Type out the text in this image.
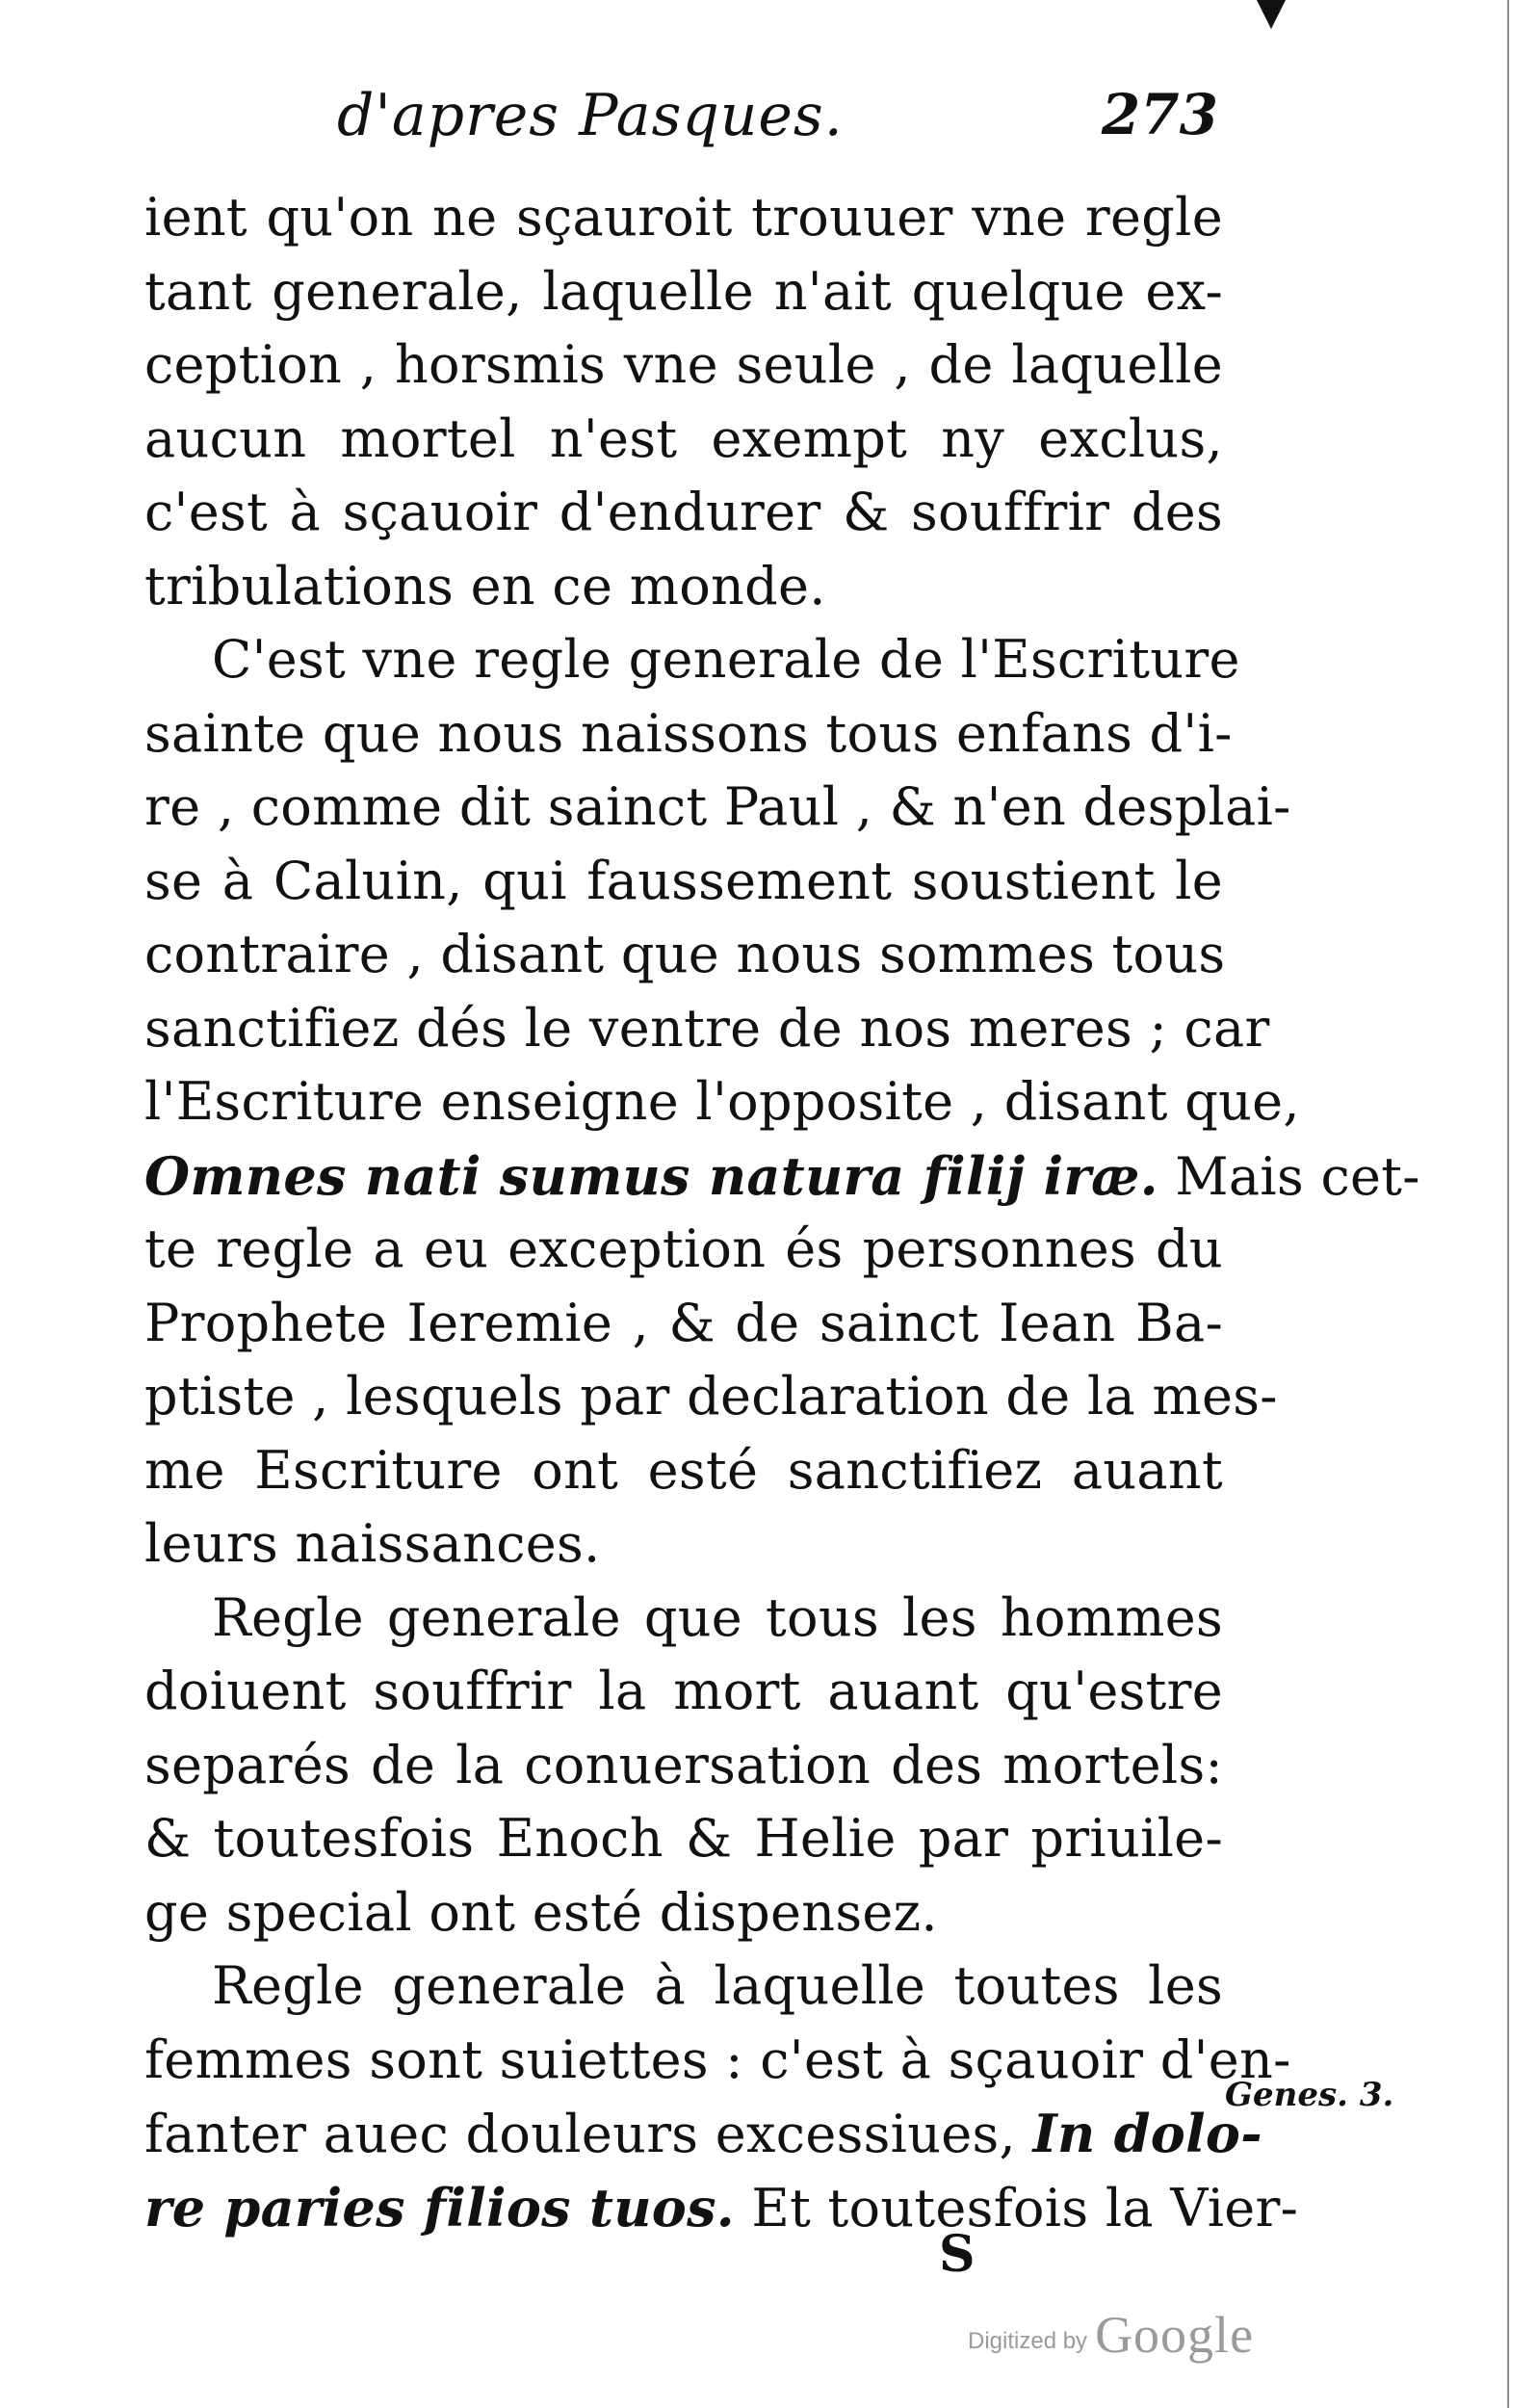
d'apres Pasques.	273
ient qu'on ne sçauroit trouuer vne regle
tant generale, laquelle n'ait quelque ex-
ception , horsmis vne seule , de laquelle
aucun mortel n'est exempt ny exclus,
c'est à sçauoir d'endurer & souffrir des
tribulations en ce monde.
C'est vne regle generale de l'Escriture
sainte que nous naissons tous enfans d'i-
re , comme dit sainct Paul , & n'en desplai-
se à Caluin, qui faussement soustient le
contraire , disant que nous sommes tous
sanctifiez dés le ventre de nos meres ; car
l'Escriture enseigne l'opposite , disant que,
Omnes nati sumus natura filij iræ. Mais cet-
te regle a eu exception és personnes du
Prophete Ieremie , & de sainct Iean Ba-
ptiste , lesquels par declaration de la mes-
me Escriture ont esté sanctifiez auant
leurs naissances.
Regle generale que tous les hommes
doiuent souffrir la mort auant qu'estre
separés de la conuersation des mortels:
& toutesfois Enoch & Helie par priuile-
ge special ont esté dispensez.
Regle generale à laquelle toutes les
femmes sont suiettes : c'est à sçauoir d'en-
fanter auec douleurs excessiues, In dolo-
re paries filios tuos. Et toutesfois la Vier-
Genes. 3.
S
Digitized by Google
